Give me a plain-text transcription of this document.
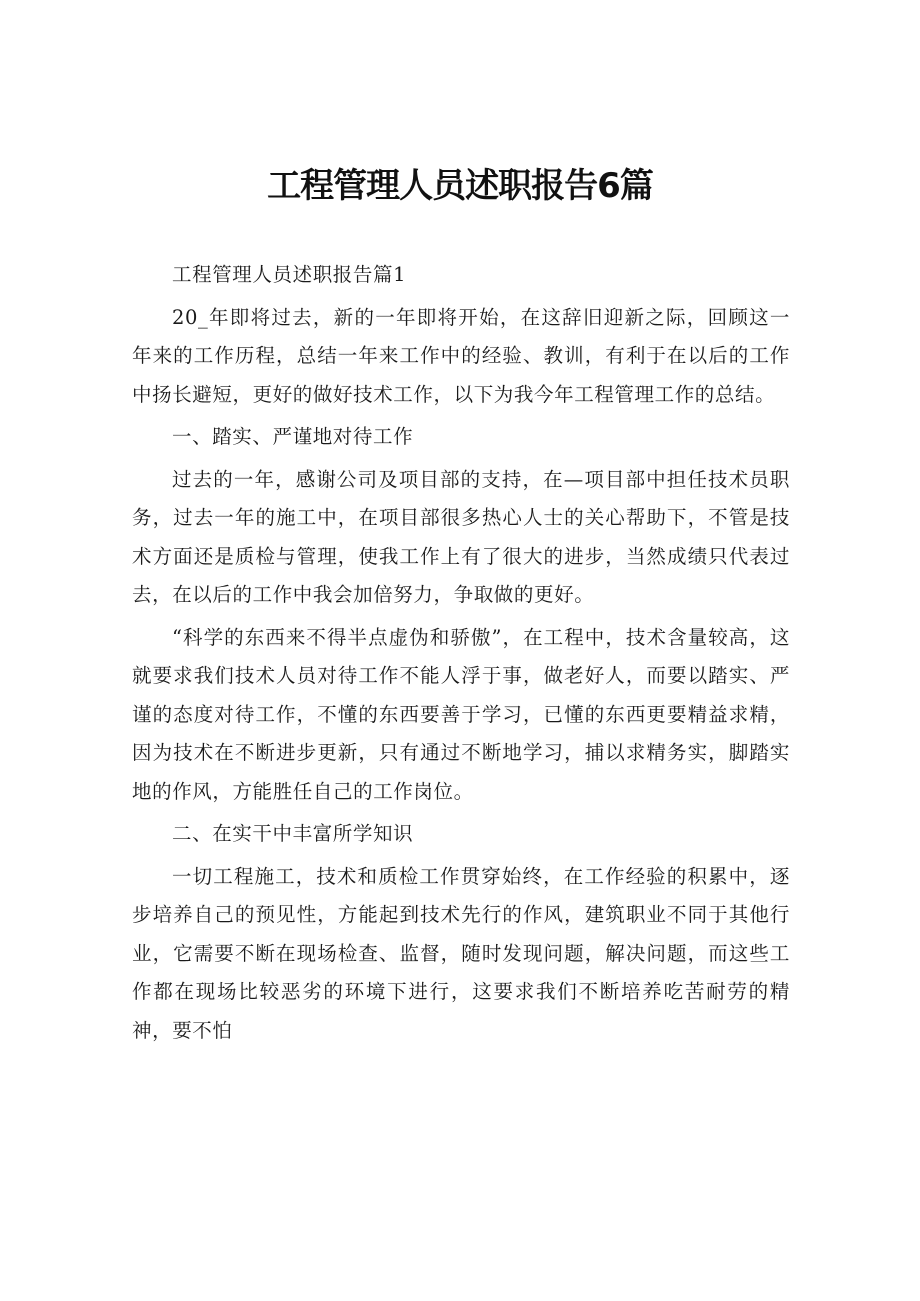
工程管理人员述职报告6篇

工程管理人员述职报告篇1

20_年即将过去，新的一年即将开始，在这辞旧迎新之际，回顾这一年来的工作历程，总结一年来工作中的经验、教训，有利于在以后的工作中扬长避短，更好的做好技术工作，以下为我今年工程管理工作的总结。

一、踏实、严谨地对待工作

过去的一年，感谢公司及项目部的支持，在—项目部中担任技术员职务，过去一年的施工中，在项目部很多热心人士的关心帮助下，不管是技术方面还是质检与管理，使我工作上有了很大的进步，当然成绩只代表过去，在以后的工作中我会加倍努力，争取做的更好。

“科学的东西来不得半点虚伪和骄傲”，在工程中，技术含量较高，这就要求我们技术人员对待工作不能人浮于事，做老好人，而要以踏实、严谨的态度对待工作，不懂的东西要善于学习，已懂的东西更要精益求精，因为技术在不断进步更新，只有通过不断地学习，捕以求精务实，脚踏实地的作风，方能胜任自己的工作岗位。

二、在实干中丰富所学知识

一切工程施工，技术和质检工作贯穿始终，在工作经验的积累中，逐步培养自己的预见性，方能起到技术先行的作风，建筑职业不同于其他行业，它需要不断在现场检查、监督，随时发现问题，解决问题，而这些工作都在现场比较恶劣的环境下进行，这要求我们不断培养吃苦耐劳的精神，要不怕
